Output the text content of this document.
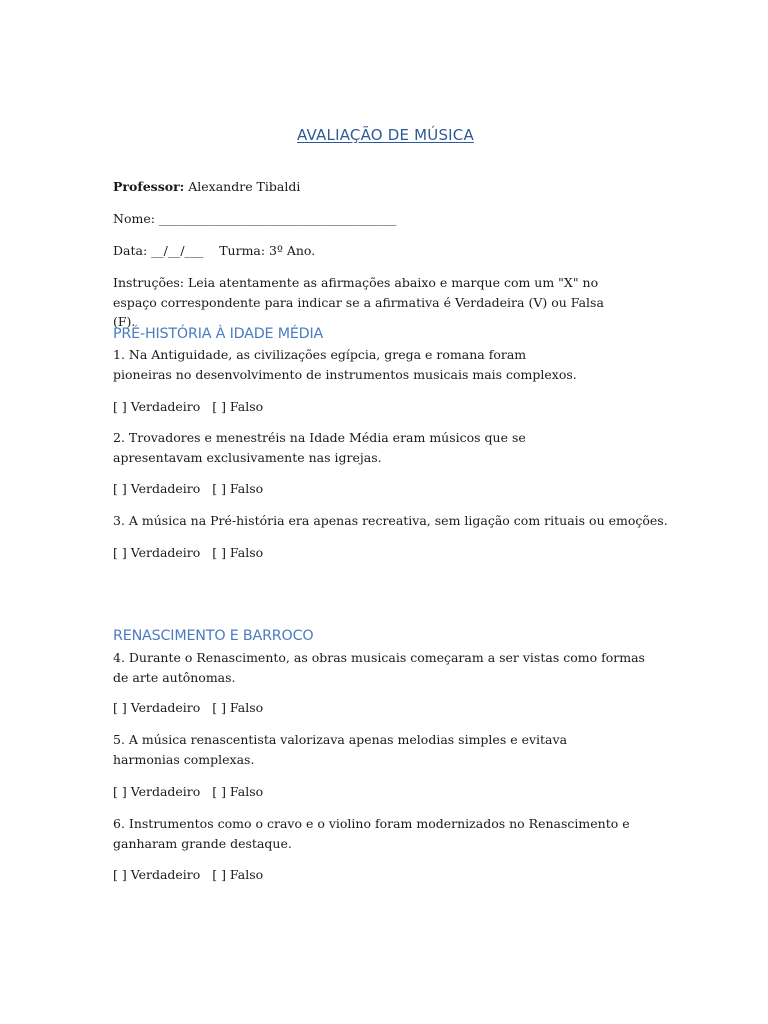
AVALIAÇÃO DE MÚSICA
Professor: Alexandre Tibaldi
Nome: ______________________________________
Data: __/__/___    Turma: 3º Ano.
Instruções: Leia atentamente as afirmações abaixo e marque com um "X" no espaço correspondente para indicar se a afirmativa é Verdadeira (V) ou Falsa (F).
PRÉ-HISTÓRIA À IDADE MÉDIA
1. Na Antiguidade, as civilizações egípcia, grega e romana foram pioneiras no desenvolvimento de instrumentos musicais mais complexos.
[ ] Verdadeiro   [ ] Falso
2. Trovadores e menestréis na Idade Média eram músicos que se apresentavam exclusivamente nas igrejas.
[ ] Verdadeiro   [ ] Falso
3. A música na Pré-história era apenas recreativa, sem ligação com rituais ou emoções.
[ ] Verdadeiro   [ ] Falso
RENASCIMENTO E BARROCO
4. Durante o Renascimento, as obras musicais começaram a ser vistas como formas de arte autônomas.
[ ] Verdadeiro   [ ] Falso
5. A música renascentista valorizava apenas melodias simples e evitava harmonias complexas.
[ ] Verdadeiro   [ ] Falso
6. Instrumentos como o cravo e o violino foram modernizados no Renascimento e ganharam grande destaque.
[ ] Verdadeiro   [ ] Falso
